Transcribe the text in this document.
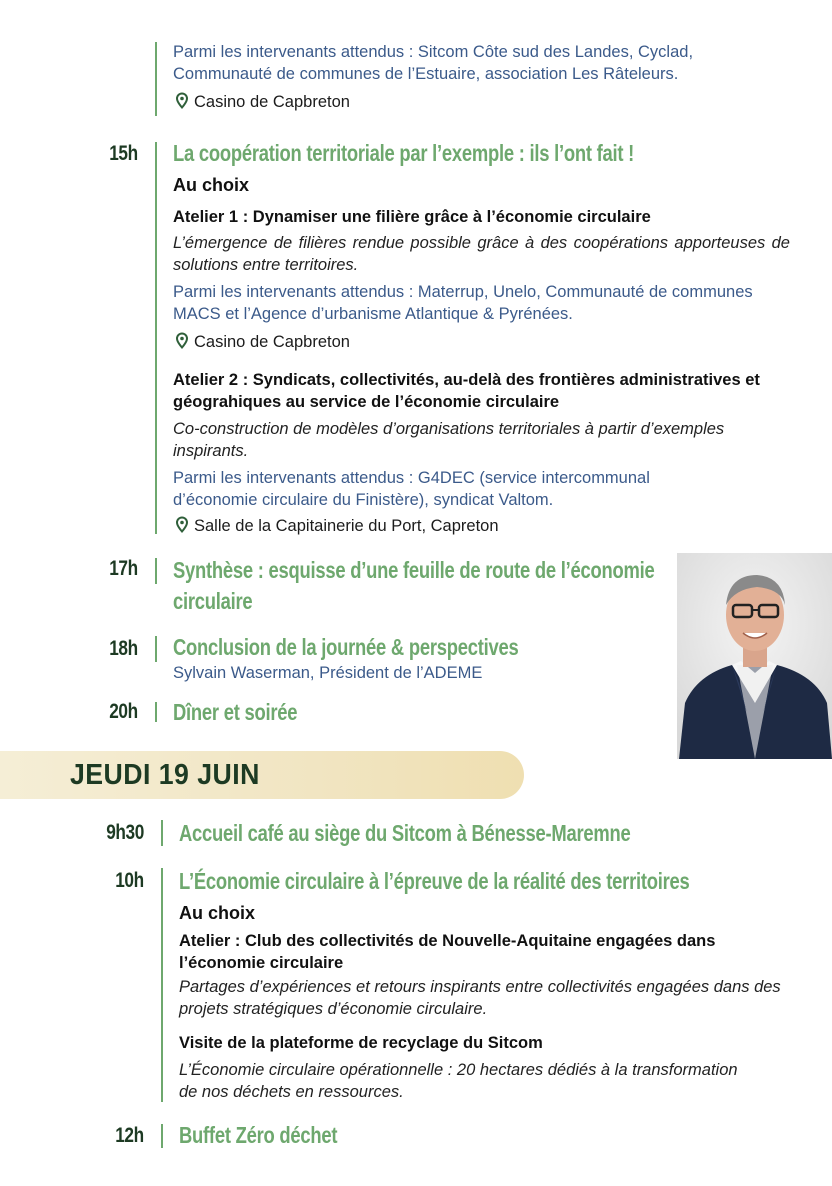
Parmi les intervenants attendus : Sitcom Côte sud des Landes, Cyclad, Communauté de communes de l’Estuaire, association Les Râteleurs.
Casino de Capbreton
15h La coopération territoriale par l’exemple : ils l’ont fait !
Au choix
Atelier 1 : Dynamiser une filière grâce à l’économie circulaire
L’émergence de filières rendue possible grâce à des coopérations apporteuses de solutions entre territoires.
Parmi les intervenants attendus : Materrup, Unelo, Communauté de communes MACS et l’Agence d’urbanisme Atlantique & Pyrénées.
Casino de Capbreton
Atelier 2 : Syndicats, collectivités, au-delà des frontières administratives et géograhiques au service de l’économie circulaire
Co-construction de modèles d’organisations territoriales à partir d’exemples inspirants.
Parmi les intervenants attendus : G4DEC (service intercommunal d’économie circulaire du Finistère), syndicat Valtom.
Salle de la Capitainerie du Port, Capreton
17h Synthèse : esquisse d’une feuille de route de l’économie
circulaire
18h Conclusion de la journée & perspectives
Sylvain Waserman, Président de l’ADEME
20h Dîner et soirée
JEUDI 19 JUIN
9h30 Accueil café au siège du Sitcom à Bénesse-Maremne
10h L’Économie circulaire à l’épreuve de la réalité des territoires
Au choix
Atelier : Club des collectivités de Nouvelle-Aquitaine engagées dans l’économie circulaire
Partages d’expériences et retours inspirants entre collectivités engagées dans des projets stratégiques d’économie circulaire.
Visite de la plateforme de recyclage du Sitcom
L’Économie circulaire opérationnelle : 20 hectares dédiés à la transformation de nos déchets en ressources.
12h Buffet Zéro déchet
